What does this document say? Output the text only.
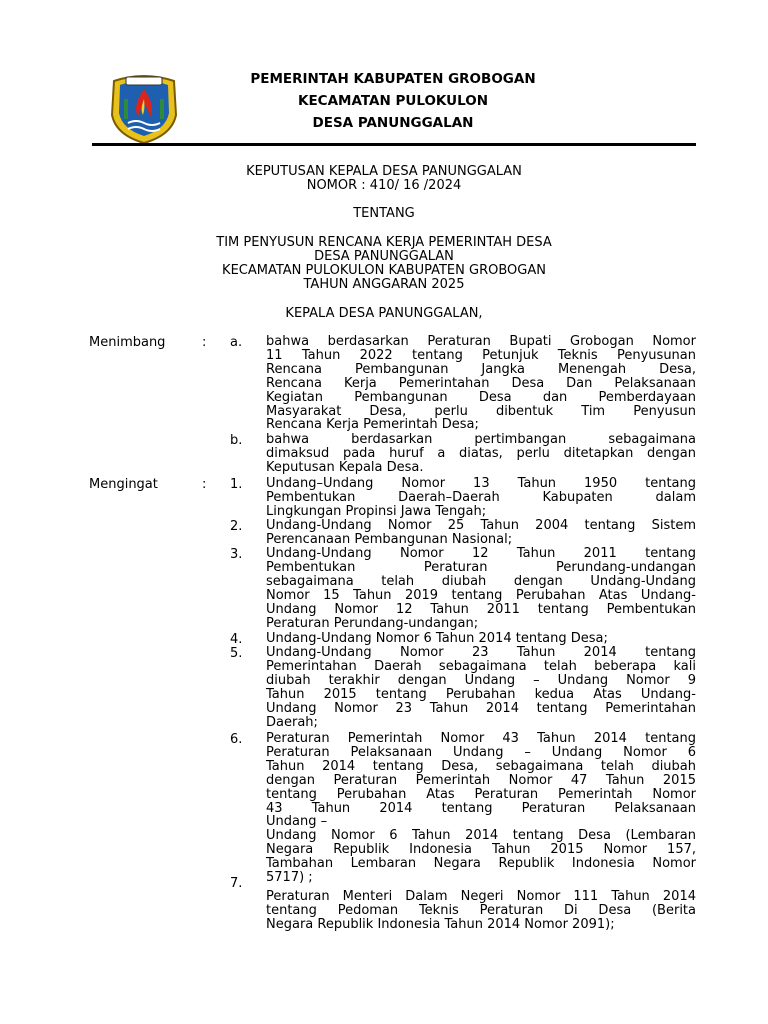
PEMERINTAH KABUPATEN GROBOGAN
KECAMATAN PULOKULON
DESA PANUNGGALAN
KEPUTUSAN KEPALA DESA PANUNGGALAN
NOMOR : 410/ 16 /2024
TENTANG
TIM PENYUSUN RENCANA KERJA PEMERINTAH DESA
DESA PANUNGGALAN
KECAMATAN PULOKULON KABUPATEN GROBOGAN
TAHUN ANGGARAN 2025
KEPALA DESA PANUNGGALAN,
Menimbang	: a. bahwa berdasarkan Peraturan Bupati Grobogan Nomor
11 Tahun 2022 tentang Petunjuk Teknis Penyusunan
Rencana Pembangunan Jangka Menengah Desa,
Rencana Kerja Pemerintahan Desa Dan Pelaksanaan
Kegiatan Pembangunan Desa dan Pemberdayaan
Masyarakat Desa, perlu dibentuk Tim Penyusun
Rencana Kerja Pemerintah Desa;
b. bahwa berdasarkan pertimbangan sebagaimana
dimaksud pada huruf a diatas, perlu ditetapkan dengan
Keputusan Kepala Desa.
Mengingat	: 1. Undang–Undang Nomor 13 Tahun 1950 tentang
Pembentukan Daerah–Daerah Kabupaten dalam
Lingkungan Propinsi Jawa Tengah;
2. Undang-Undang Nomor 25 Tahun 2004 tentang Sistem
Perencanaan Pembangunan Nasional;
3. Undang-Undang Nomor 12 Tahun 2011 tentang
Pembentukan Peraturan Perundang-undangan
sebagaimana telah diubah dengan Undang-Undang
Nomor 15 Tahun 2019 tentang Perubahan Atas Undang-
Undang Nomor 12 Tahun 2011 tentang Pembentukan
Peraturan Perundang-undangan;
4. Undang-Undang Nomor 6 Tahun 2014 tentang Desa;
5. Undang-Undang Nomor 23 Tahun 2014 tentang
Pemerintahan Daerah sebagaimana telah beberapa kali
diubah terakhir dengan Undang – Undang Nomor 9
Tahun 2015 tentang Perubahan kedua Atas Undang-
Undang Nomor 23 Tahun 2014 tentang Pemerintahan
Daerah;
6. Peraturan Pemerintah Nomor 43 Tahun 2014 tentang
Peraturan Pelaksanaan Undang – Undang Nomor 6
Tahun 2014 tentang Desa, sebagaimana telah diubah
dengan Peraturan Pemerintah Nomor 47 Tahun 2015
tentang Perubahan Atas Peraturan Pemerintah Nomor
43 Tahun 2014 tentang Peraturan Pelaksanaan
Undang –
Undang Nomor 6 Tahun 2014 tentang Desa (Lembaran
Negara Republik Indonesia Tahun 2015 Nomor 157,
Tambahan Lembaran Negara Republik Indonesia Nomor
5717) ;
7.
Peraturan Menteri Dalam Negeri Nomor 111 Tahun 2014
tentang Pedoman Teknis Peraturan Di Desa (Berita
Negara Republik Indonesia Tahun 2014 Nomor 2091);
